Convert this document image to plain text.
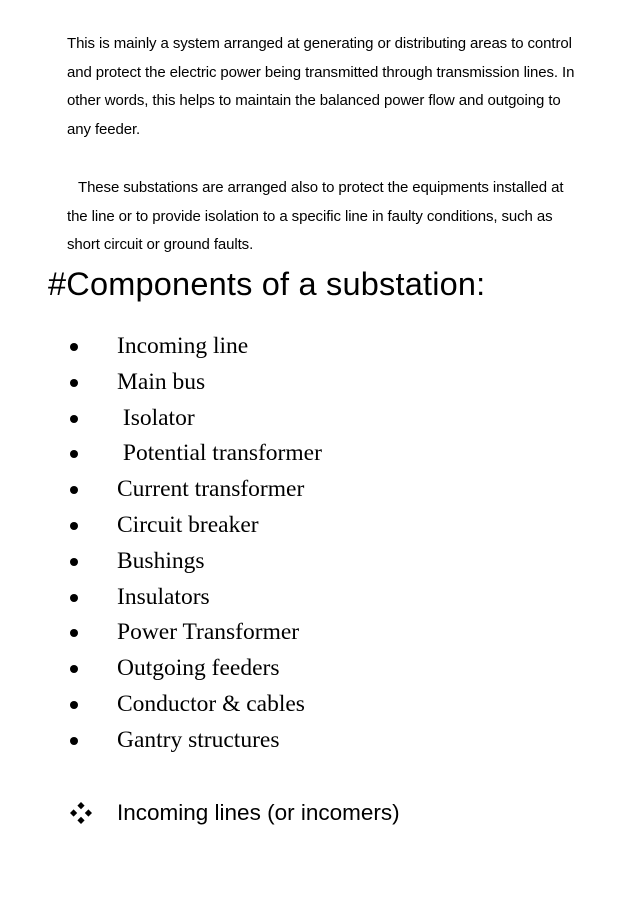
This is mainly a system arranged at generating or distributing areas to control and protect the electric power being transmitted through transmission lines. In other words, this helps to maintain the balanced power flow and outgoing to any feeder.

These substations are arranged also to protect the equipments installed at the line or to provide isolation to a specific line in faulty conditions, such as short circuit or ground faults.

#Components of a substation:
Incoming line
Main bus
Isolator
Potential transformer
Current transformer
Circuit breaker
Bushings
Insulators
Power Transformer
Outgoing feeders
Conductor & cables
Gantry structures
Incoming lines (or incomers)
